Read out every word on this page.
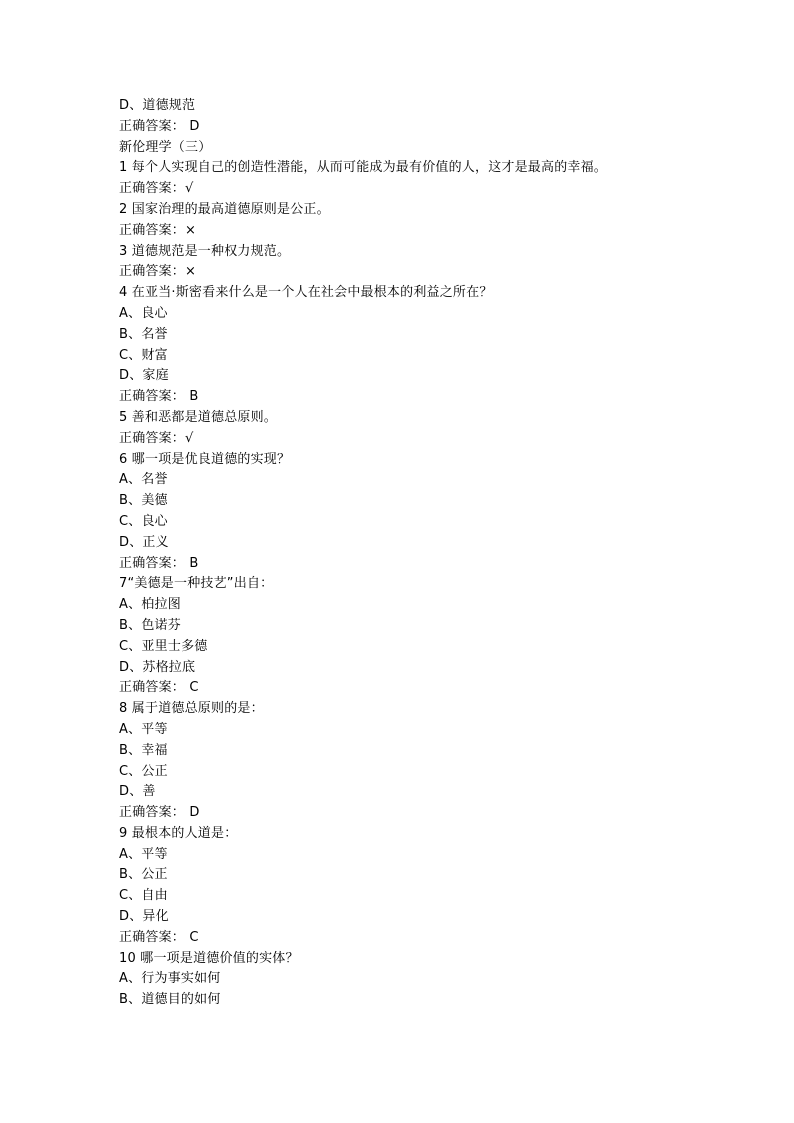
D、道德规范
正确答案： D
新伦理学（三）
1 每个人实现自己的创造性潜能，从而可能成为最有价值的人，这才是最高的幸福。
正确答案：√
2 国家治理的最高道德原则是公正。
正确答案：×
3 道德规范是一种权力规范。
正确答案：×
4 在亚当·斯密看来什么是一个人在社会中最根本的利益之所在？
A、良心
B、名誉
C、财富
D、家庭
正确答案： B
5 善和恶都是道德总原则。
正确答案：√
6 哪一项是优良道德的实现？
A、名誉
B、美德
C、良心
D、正义
正确答案： B
7“美德是一种技艺”出自：
A、柏拉图
B、色诺芬
C、亚里士多德
D、苏格拉底
正确答案： C
8 属于道德总原则的是：
A、平等
B、幸福
C、公正
D、善
正确答案： D
9 最根本的人道是：
A、平等
B、公正
C、自由
D、异化
正确答案： C
10 哪一项是道德价值的实体？
A、行为事实如何
B、道德目的如何
